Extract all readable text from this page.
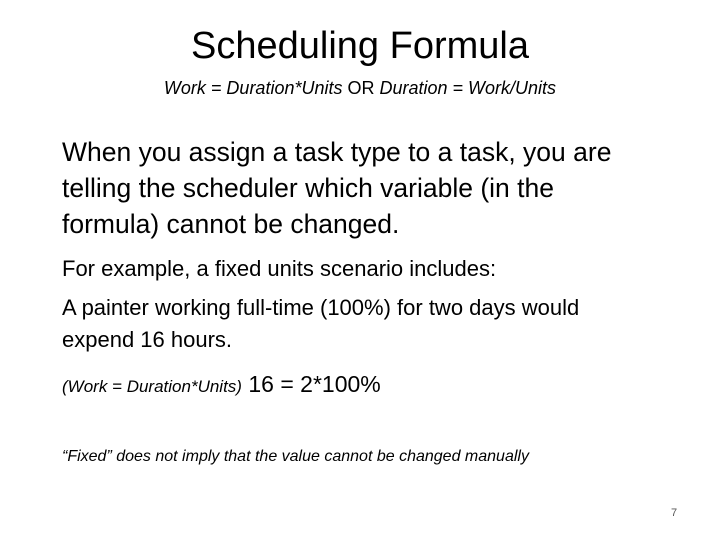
Scheduling Formula
Work = Duration*Units OR Duration = Work/Units
When you assign a task type to a task, you are
telling the scheduler which variable (in the
formula) cannot be changed.
For example, a fixed units scenario includes:
A painter working full-time (100%) for two days would
expend 16 hours.
(Work = Duration*Units) 16 = 2*100%
“Fixed” does not imply that the value cannot be changed manually
7
